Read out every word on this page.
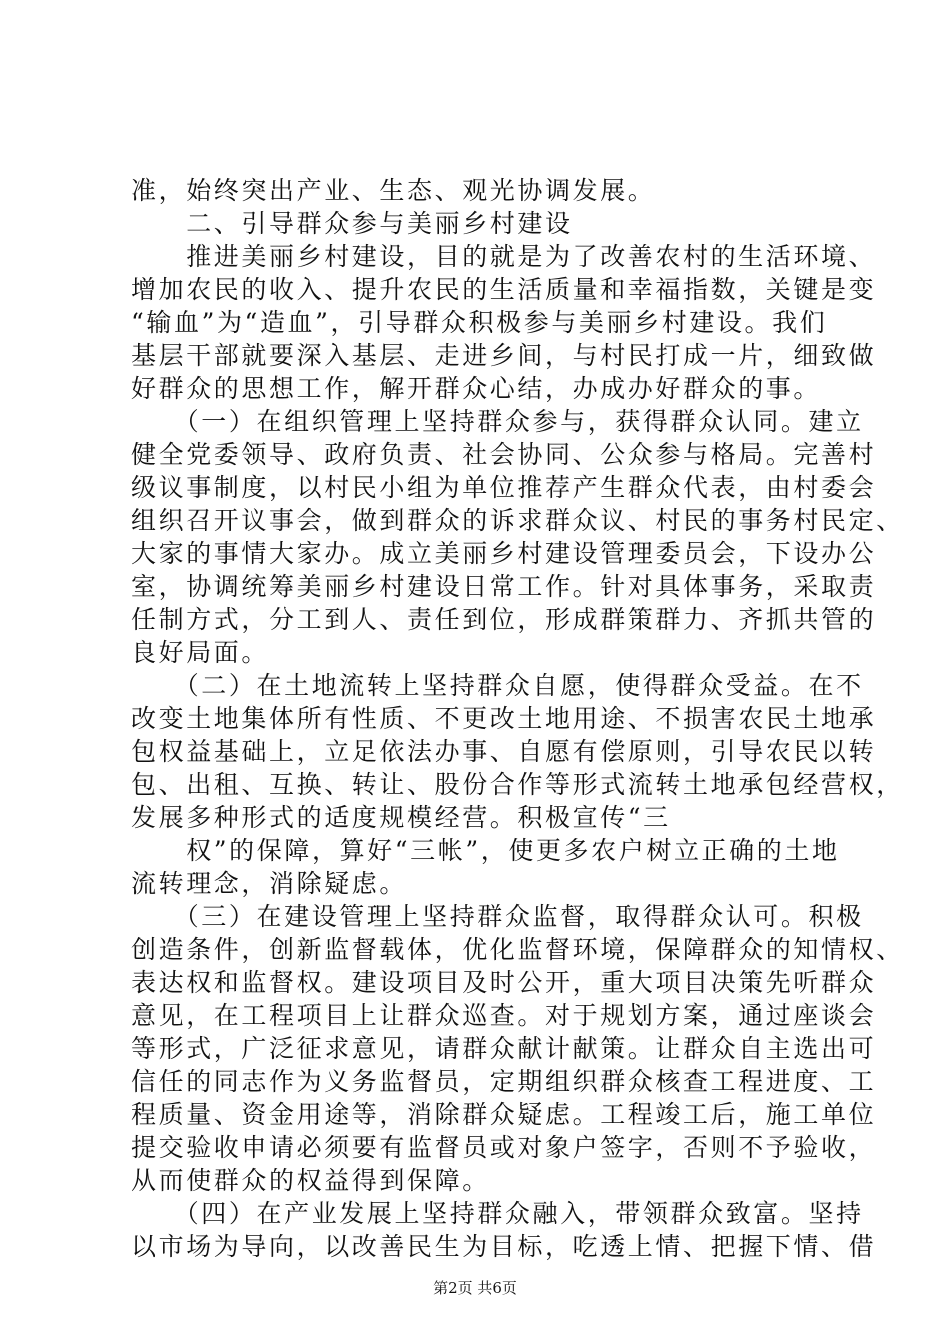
准，始终突出产业、生态、观光协调发展。
　　二、引导群众参与美丽乡村建设
　　推进美丽乡村建设，目的就是为了改善农村的生活环境、
增加农民的收入、提升农民的生活质量和幸福指数，关键是变
“输血”为“造血”，引导群众积极参与美丽乡村建设。我们
基层干部就要深入基层、走进乡间，与村民打成一片，细致做
好群众的思想工作，解开群众心结，办成办好群众的事。
　　（一）在组织管理上坚持群众参与，获得群众认同。建立
健全党委领导、政府负责、社会协同、公众参与格局。完善村
级议事制度，以村民小组为单位推荐产生群众代表，由村委会
组织召开议事会，做到群众的诉求群众议、村民的事务村民定、
大家的事情大家办。成立美丽乡村建设管理委员会，下设办公
室，协调统筹美丽乡村建设日常工作。针对具体事务，采取责
任制方式，分工到人、责任到位，形成群策群力、齐抓共管的
良好局面。
　　（二）在土地流转上坚持群众自愿，使得群众受益。在不
改变土地集体所有性质、不更改土地用途、不损害农民土地承
包权益基础上，立足依法办事、自愿有偿原则，引导农民以转
包、出租、互换、转让、股份合作等形式流转土地承包经营权，
发展多种形式的适度规模经营。积极宣传“三
　　权”的保障，算好“三帐”，使更多农户树立正确的土地
流转理念，消除疑虑。
　　（三）在建设管理上坚持群众监督，取得群众认可。积极
创造条件，创新监督载体，优化监督环境，保障群众的知情权、
表达权和监督权。建设项目及时公开，重大项目决策先听群众
意见，在工程项目上让群众巡查。对于规划方案，通过座谈会
等形式，广泛征求意见，请群众献计献策。让群众自主选出可
信任的同志作为义务监督员，定期组织群众核查工程进度、工
程质量、资金用途等，消除群众疑虑。工程竣工后，施工单位
提交验收申请必须要有监督员或对象户签字，否则不予验收，
从而使群众的权益得到保障。
　　（四）在产业发展上坚持群众融入，带领群众致富。坚持
以市场为导向，以改善民生为目标，吃透上情、把握下情、借
第2页 共6页
